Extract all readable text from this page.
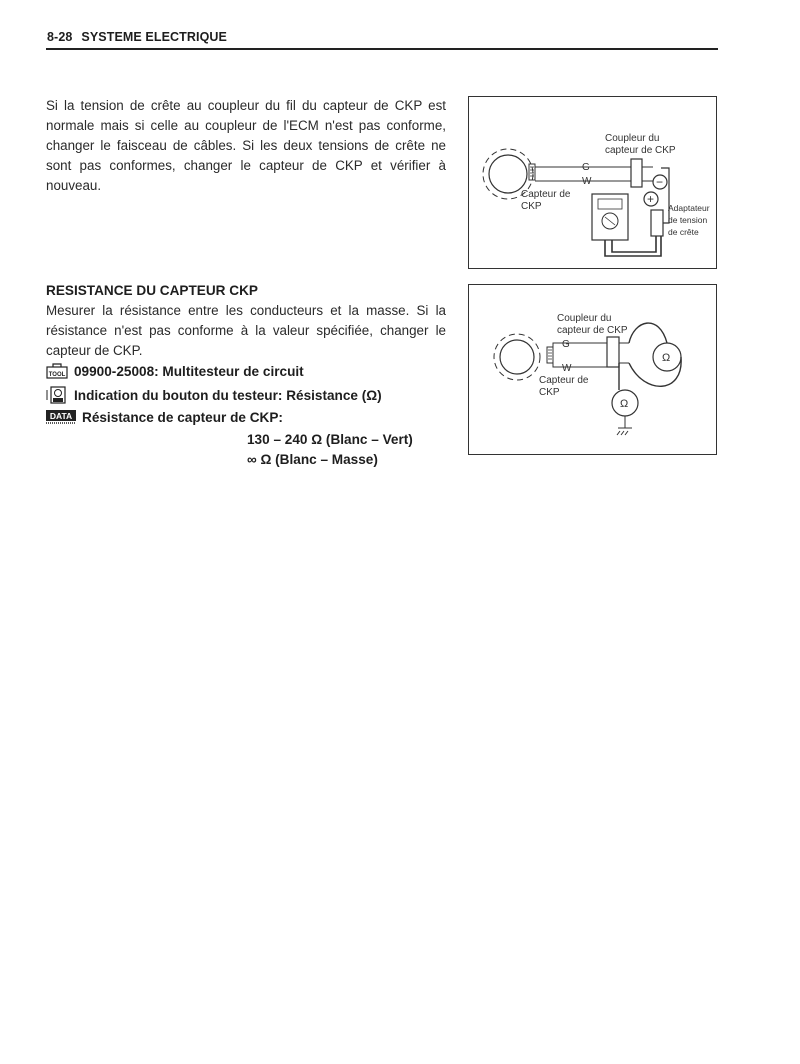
8-28 SYSTEME ELECTRIQUE
Si la tension de crête au coupleur du fil du capteur de CKP est normale mais si celle au coupleur de l'ECM n'est pas conforme, changer le faisceau de câbles. Si les deux tensions de crête ne sont pas conformes, changer le capteur de CKP et vérifier à nouveau.
G
W	−
+
Coupleur du
capteur de CKP
Capteur de
CKP	Adaptateur
de tension
de crête
RESISTANCE DU CAPTEUR CKP
Mesurer la résistance entre les conducteurs et la masse. Si la résistance n'est pas conforme à la valeur spécifiée, changer le capteur de CKP.
TOOL 09900-25008: Multitesteur de circuit
Indication du bouton du testeur: Résistance (Ω)
DATA Résistance de capteur de CKP:
130 – 240 Ω (Blanc – Vert)
∞ Ω (Blanc – Masse)
G
W
Ω
Ω
Coupleur du
capteur de CKP
Capteur de
CKP
